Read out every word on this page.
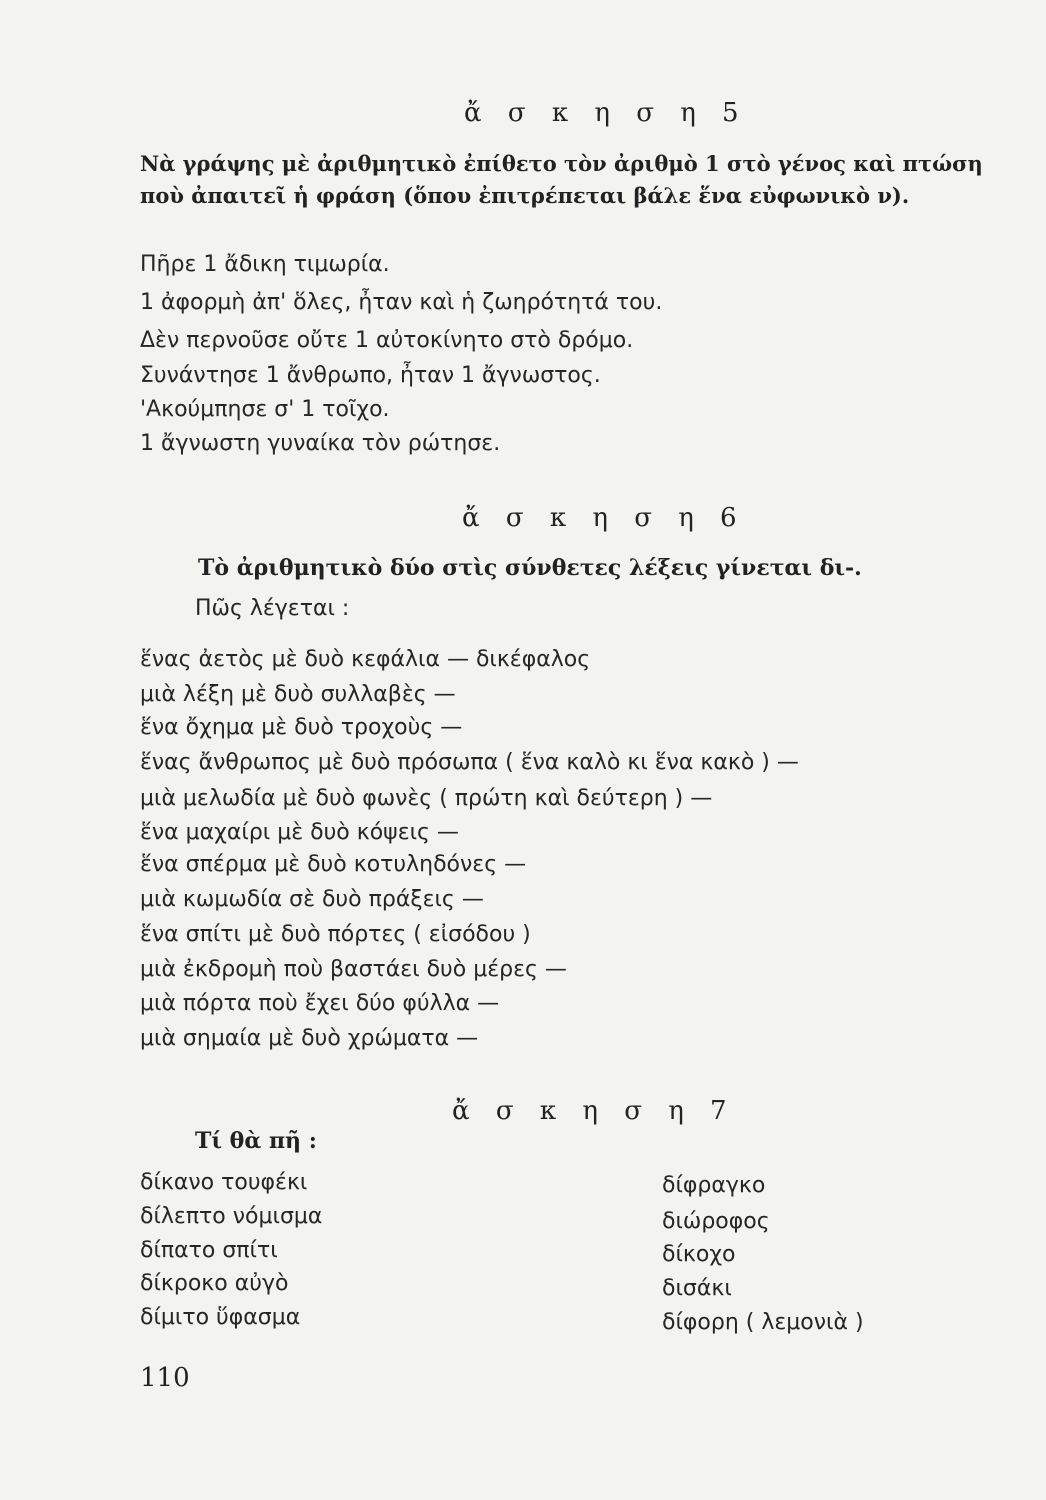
ἄ σ κ η σ η 5
Νὰ γράψης μὲ ἀριθμητικὸ ἐπίθετο τὸν ἀριθμὸ 1 στὸ γένος καὶ πτώση ποὺ ἀπαιτεῖ ἡ φράση (ὅπου ἐπιτρέπεται βάλε ἕνα εὐφωνικὸ ν).
Πῆρε 1 ἄδικη τιμωρία.
1 ἀφορμὴ ἀπ' ὅλες, ἦταν καὶ ἡ ζωηρότητά του.
Δὲν περνοῦσε οὔτε 1 αὐτοκίνητο στὸ δρόμο.
Συνάντησε 1 ἄνθρωπο, ἦταν 1 ἄγνωστος.
'Ακούμπησε σ' 1 τοῖχο.
1 ἄγνωστη γυναίκα τὸν ρώτησε.
ἄ σ κ η σ η 6
Τὸ ἀριθμητικὸ δύο στὶς σύνθετες λέξεις γίνεται δι-.
Πῶς λέγεται :
ἕνας ἀετὸς μὲ δυὸ κεφάλια — δικέφαλος
μιὰ λέξη μὲ δυὸ συλλαβὲς —
ἕνα ὄχημα μὲ δυὸ τροχοὺς —
ἕνας ἄνθρωπος μὲ δυὸ πρόσωπα ( ἕνα καλὸ κι ἕνα κακὸ ) —
μιὰ μελωδία μὲ δυὸ φωνὲς ( πρώτη καὶ δεύτερη ) —
ἕνα μαχαίρι μὲ δυὸ κόψεις —
ἕνα σπέρμα μὲ δυὸ κοτυληδόνες —
μιὰ κωμωδία σὲ δυὸ πράξεις —
ἕνα σπίτι μὲ δυὸ πόρτες ( εἰσόδου )
μιὰ ἐκδρομὴ ποὺ βαστάει δυὸ μέρες —
μιὰ πόρτα ποὺ ἔχει δύο φύλλα —
μιὰ σημαία μὲ δυὸ χρώματα —
ἄ σ κ η σ η 7
Τί θὰ πῆ :
δίκανο τουφέκι
δίλεπτο νόμισμα
δίπατο σπίτι
δίκροκο αὐγὸ
δίμιτο ὕφασμα
δίφραγκο
διώροφος
δίκοχο
δισάκι
δίφορη ( λεμονιὰ )
110
